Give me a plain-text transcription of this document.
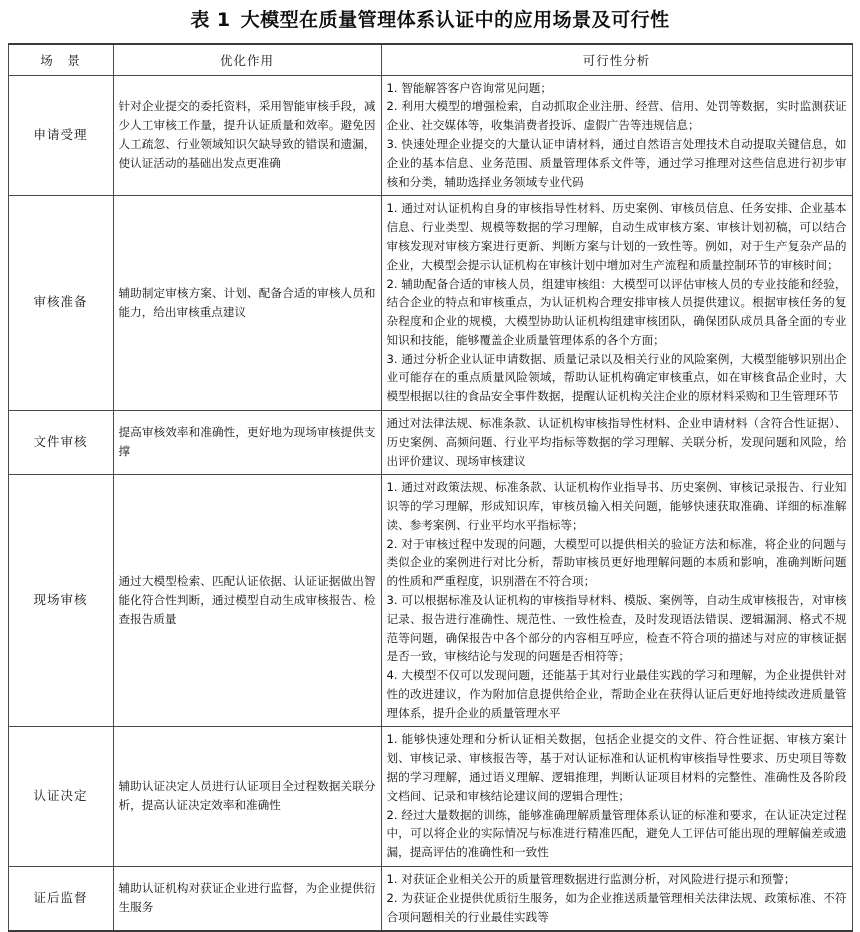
表 1 大模型在质量管理体系认证中的应用场景及可行性
场　景	优化作用	可行性分析
申请受理	针对企业提交的委托资料，采用智能审核手段，减少人工审核工作量，提升认证质量和效率。避免因人工疏忽、行业领域知识欠缺导致的错误和遗漏，使认证活动的基础出发点更准确	1. 智能解答客户咨询常见问题；
2. 利用大模型的增强检索，自动抓取企业注册、经营、信用、处罚等数据，实时监测获证企业、社交媒体等，收集消费者投诉、虚假广告等违规信息；
3. 快速处理企业提交的大量认证申请材料，通过自然语言处理技术自动提取关键信息，如企业的基本信息、业务范围、质量管理体系文件等，通过学习推理对这些信息进行初步审核和分类，辅助选择业务领域专业代码

审核准备	辅助制定审核方案、计划、配备合适的审核人员和能力，给出审核重点建议	1. 通过对认证机构自身的审核指导性材料、历史案例、审核员信息、任务安排、企业基本信息、行业类型、规模等数据的学习理解，自动生成审核方案、审核计划初稿，可以结合审核发现对审核方案进行更新、判断方案与计划的一致性等。例如，对于生产复杂产品的企业，大模型会提示认证机构在审核计划中增加对生产流程和质量控制环节的审核时间；
2. 辅助配备合适的审核人员，组建审核组：大模型可以评估审核人员的专业技能和经验，结合企业的特点和审核重点，为认证机构合理安排审核人员提供建议。根据审核任务的复杂程度和企业的规模，大模型协助认证机构组建审核团队，确保团队成员具备全面的专业知识和技能，能够覆盖企业质量管理体系的各个方面；
3. 通过分析企业认证申请数据、质量记录以及相关行业的风险案例，大模型能够识别出企业可能存在的重点质量风险领域，帮助认证机构确定审核重点，如在审核食品企业时，大模型根据以往的食品安全事件数据，提醒认证机构关注企业的原材料采购和卫生管理环节

文件审核	提高审核效率和准确性，更好地为现场审核提供支撑	通过对法律法规、标准条款、认证机构审核指导性材料、企业申请材料（含符合性证据）、历史案例、高频问题、行业平均指标等数据的学习理解、关联分析，发现问题和风险，给出评价建议、现场审核建议

现场审核	通过大模型检索、匹配认证依据、认证证据做出智能化符合性判断，通过模型自动生成审核报告、检查报告质量	1. 通过对政策法规、标准条款、认证机构作业指导书、历史案例、审核记录报告、行业知识等的学习理解，形成知识库，审核员输入相关问题，能够快速获取准确、详细的标准解读、参考案例、行业平均水平指标等；
2. 对于审核过程中发现的问题，大模型可以提供相关的验证方法和标准，将企业的问题与类似企业的案例进行对比分析，帮助审核员更好地理解问题的本质和影响，准确判断问题的性质和严重程度，识别潜在不符合项；
3. 可以根据标准及认证机构的审核指导材料、模版、案例等，自动生成审核报告，对审核记录、报告进行准确性、规范性、一致性检查，及时发现语法错误、逻辑漏洞、格式不规范等问题，确保报告中各个部分的内容相互呼应，检查不符合项的描述与对应的审核证据是否一致，审核结论与发现的问题是否相符等；
4. 大模型不仅可以发现问题，还能基于其对行业最佳实践的学习和理解，为企业提供针对性的改进建议，作为附加信息提供给企业，帮助企业在获得认证后更好地持续改进质量管理体系，提升企业的质量管理水平

认证决定	辅助认证决定人员进行认证项目全过程数据关联分析，提高认证决定效率和准确性	1. 能够快速处理和分析认证相关数据，包括企业提交的文件、符合性证据、审核方案计划、审核记录、审核报告等，基于对认证标准和认证机构审核指导性要求、历史项目等数据的学习理解，通过语义理解、逻辑推理，判断认证项目材料的完整性、准确性及各阶段文档间、记录和审核结论建议间的逻辑合理性；
2. 经过大量数据的训练，能够准确理解质量管理体系认证的标准和要求，在认证决定过程中，可以将企业的实际情况与标准进行精准匹配，避免人工评估可能出现的理解偏差或遗漏，提高评估的准确性和一致性

证后监督	辅助认证机构对获证企业进行监督，为企业提供衍生服务	1. 对获证企业相关公开的质量管理数据进行监测分析，对风险进行提示和预警；
2. 为获证企业提供优质衍生服务，如为企业推送质量管理相关法律法规、政策标准、不符合项问题相关的行业最佳实践等
